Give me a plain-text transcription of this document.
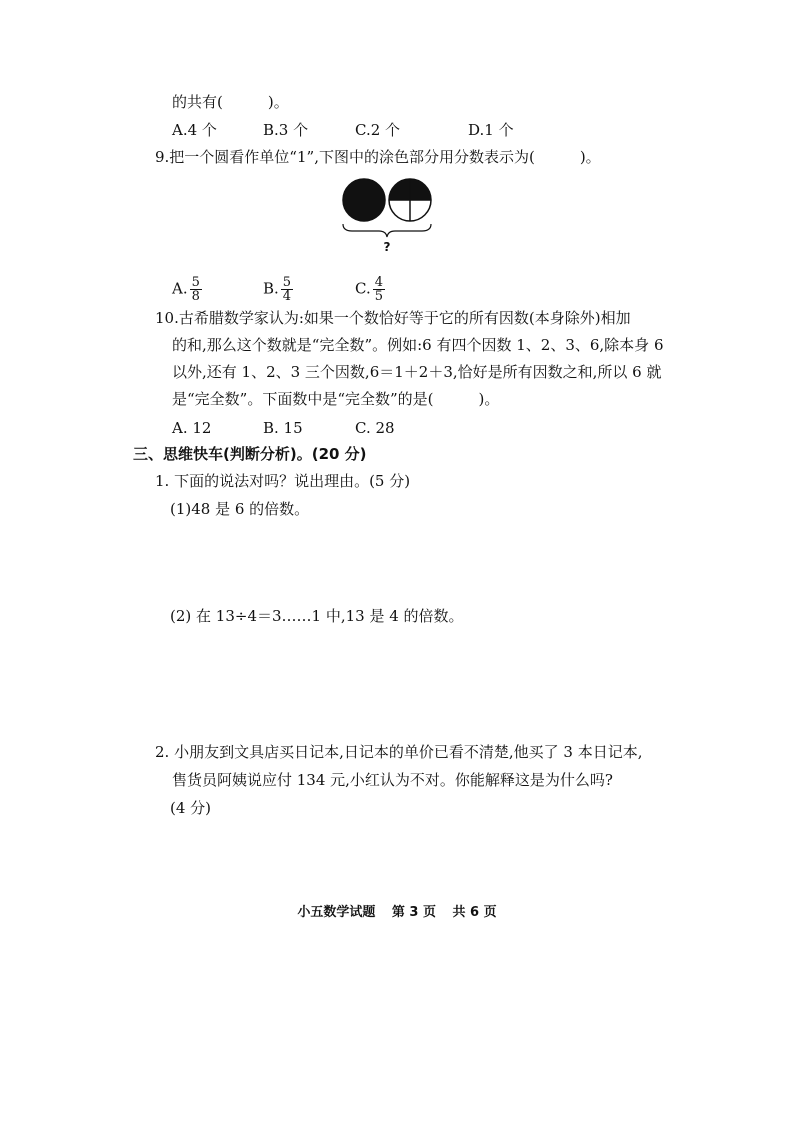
的共有(　　　)。
A.4 个	B.3 个	C.2 个	D.1 个
9.把一个圆看作单位“1”,下图中的涂色部分用分数表示为(　　　)。
?
A. $\frac{5}{8}$	B. $\frac{5}{4}$	C. $\frac{4}{5}$
10.古希腊数学家认为:如果一个数恰好等于它的所有因数(本身除外)相加
的和,那么这个数就是“完全数”。例如:6 有四个因数 1、2、3、6,除本身 6
以外,还有 1、2、3 三个因数,6＝1＋2＋3,恰好是所有因数之和,所以 6 就
是“完全数”。下面数中是“完全数”的是(　　　)。
A. 12	B. 15	C. 28
三、思维快车(判断分析)。(20 分)
1. 下面的说法对吗？说出理由。(5 分)
(1)48 是 6 的倍数。
(2) 在 13÷4＝3……1 中,13 是 4 的倍数。
2. 小朋友到文具店买日记本,日记本的单价已看不清楚,他买了 3 本日记本,
售货员阿姨说应付 134 元,小红认为不对。你能解释这是为什么吗?
(4 分)
小五数学试题 第 3 页 共 6 页
